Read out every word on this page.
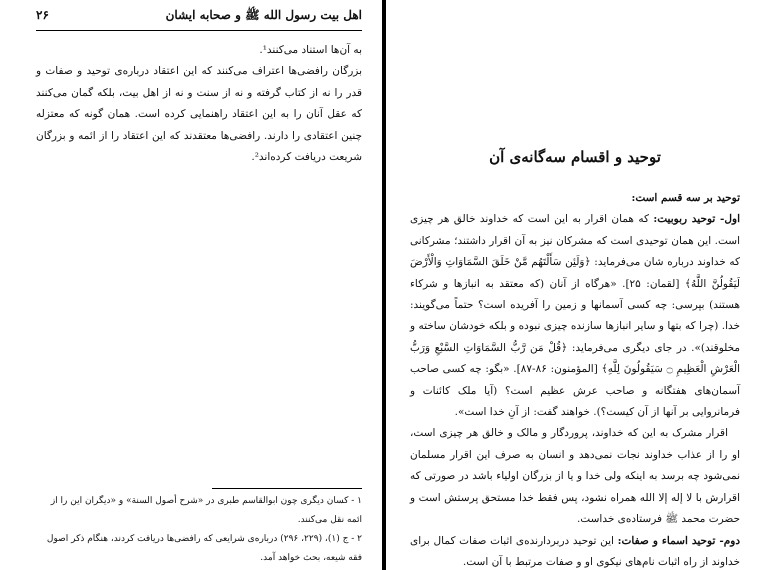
اهل بیت رسول الله ﷺ و صحابه ایشان
۲۶

به آن‌ها استناد می‌کنند¹.

بزرگان رافضی‌ها اعتراف می‌کنند که این اعتقاد درباره‌ی توحید و صفات و قدر را نه از کتاب گرفته و نه از سنت و نه از اهل بیت، بلکه گمان می‌کنند که عقل آنان را به این اعتقاد راهنمایی کرده است. همان گونه که معتزله چنین اعتقادی را دارند. رافضی‌ها معتقدند که این اعتقاد را از ائمه و بزرگان شریعت دریافت کرده‌اند².

۱ - کسان دیگری چون ابوالقاسم طبری در «شرح أصول السنة» و «دیگران این را از ائمه نقل می‌کنند.
۲ - ج (۱)، (۲۲۹، ۲۹۶) درباره‌ی شرایعی که رافضی‌ها دریافت کردند، هنگام ذکر اصول فقه شیعه، بحث خواهد آمد.
توحید و اقسام سه‌گانه‌ی آن

توحید بر سه قسم است:

اول- توحید ربوبیت: که همان اقرار به این است که خداوند خالق هر چیزی است. این همان توحیدی است که مشرکان نیز به آن اقرار داشتند؛ مشرکانی که خداوند درباره شان می‌فرماید: ﴿وَلَئِن سَأَلْتَهُم مَّنْ خَلَقَ السَّمَاوَاتِ وَالْأَرْضَ لَيَقُولُنَّ اللَّهُ﴾ [لقمان: ۲۵]. «هرگاه از آنان (که معتقد به انبازها و شرکاء هستند) بپرسی: چه کسی آسمانها و زمین را آفریده است؟ حتماً می‌گویند: خدا. (چرا که بتها و سایر انبازها سازنده چیزی نبوده و بلکه خودشان ساخته و مخلوقند)». در جای دیگری می‌فرماید: ﴿قُلْ مَن رَّبُّ السَّمَاوَاتِ السَّبْعِ وَرَبُّ الْعَرْشِ الْعَظِيمِ ۝ سَيَقُولُونَ لِلَّهِ﴾ [المؤمنون: ۸۶-۸۷]. «بگو: چه کسی صاحب آسمان‌های هفتگانه و صاحب عرش عظیم است؟ (آیا ملک کائنات و فرمانروایی بر آنها از آن کیست؟). خواهند گفت: از آنِ خدا است».

اقرار مشرک به این که خداوند، پروردگار و مالک و خالق هر چیزی است، او را از عذاب خداوند نجات نمی‌دهد و انسان به صرف این اقرار مسلمان نمی‌شود چه برسد به اینکه ولی خدا و یا از بزرگان اولیاء باشد در صورتی که اقرارش با لا إله إلا الله همراه نشود، پس فقط خدا مستحق پرستش است و حضرت محمد ﷺ فرستاده‌ی خداست.

دوم- توحید اسماء و صفات: این توحید دربردارنده‌ی اثبات صفات کمال برای خداوند از راه اثبات نام‌های نیکوی او و صفات مرتبط با آن است.
